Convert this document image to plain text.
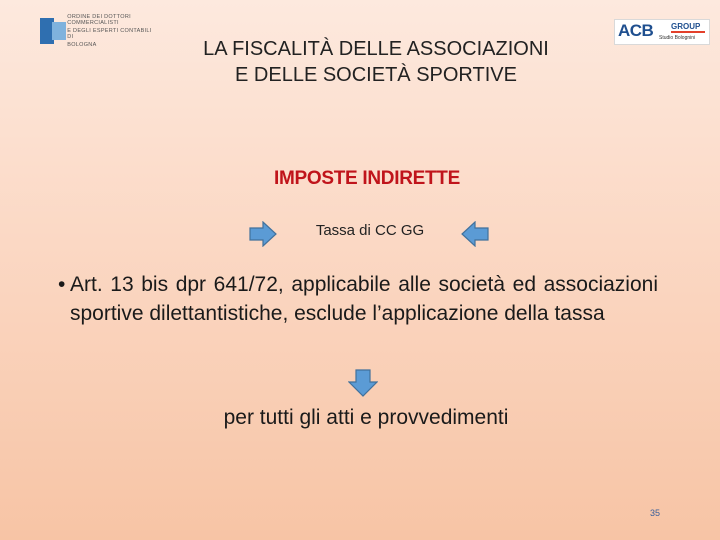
ORDINE DEI DOTTORI COMMERCIALISTI
E DEGLI ESPERTI CONTABILI DI
BOLOGNA
ACB GROUP
Studio Bolognini
LA FISCALITÀ DELLE ASSOCIAZIONI
E DELLE SOCIETÀ SPORTIVE
IMPOSTE INDIRETTE
Tassa di CC GG
• Art. 13 bis dpr 641/72, applicabile alle società ed associazioni sportive dilettantistiche, esclude l’applicazione della tassa
per tutti gli atti e provvedimenti
35
